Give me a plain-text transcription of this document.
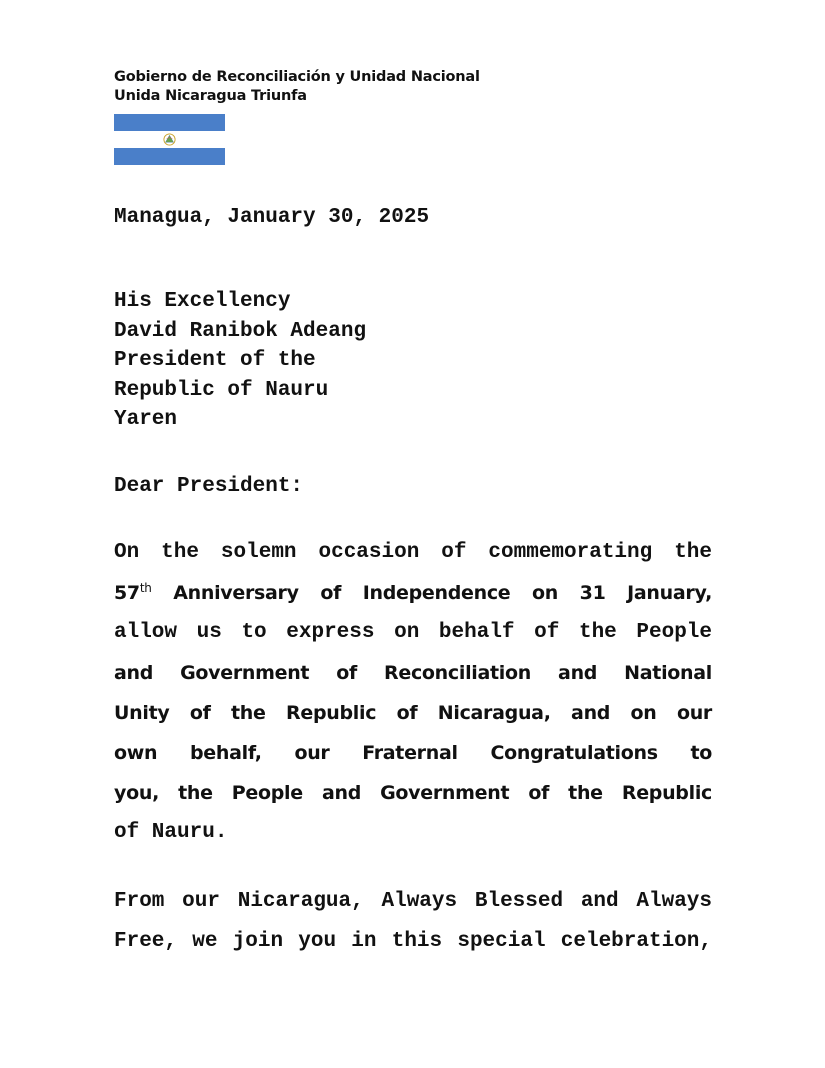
Gobierno de Reconciliación y Unidad Nacional
Unida Nicaragua Triunfa
Managua, January 30, 2025
His Excellency
David Ranibok Adeang
President of the
Republic of Nauru
Yaren
Dear President:
On the solemn occasion of commemorating the
57th Anniversary of Independence on 31 January,
allow us to express on behalf of the People
and Government of Reconciliation and National
Unity of the Republic of Nicaragua, and on our
own behalf, our Fraternal Congratulations to
you, the People and Government of the Republic
of Nauru.
From our Nicaragua, Always Blessed and Always
Free, we join you in this special celebration,
